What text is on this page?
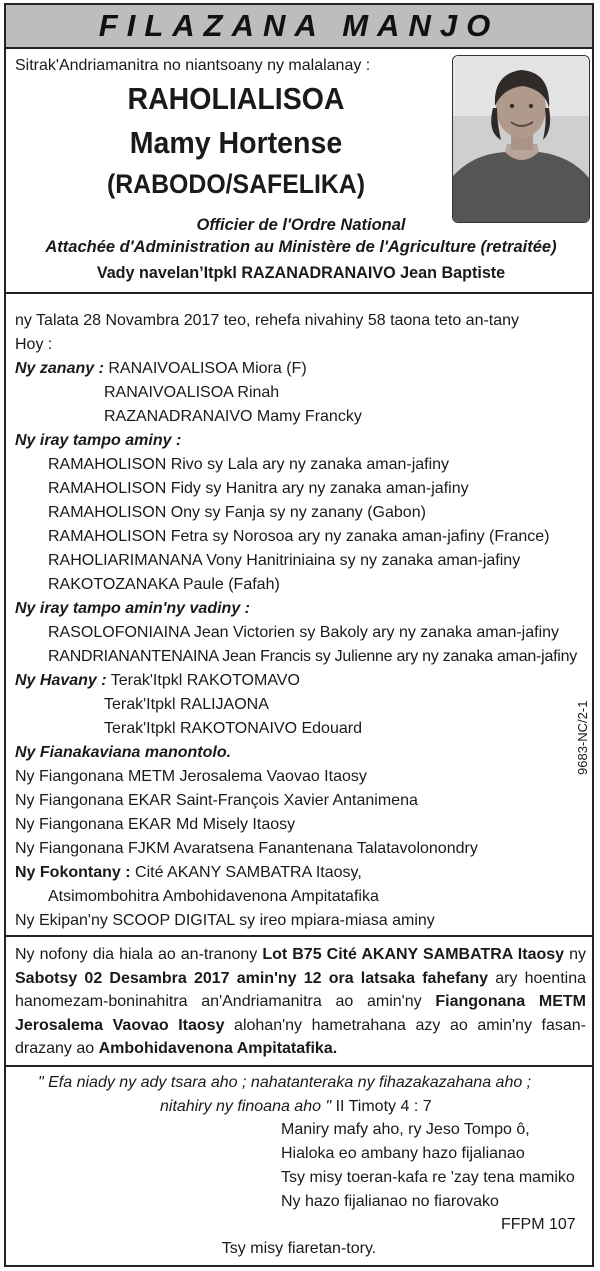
FILAZANA MANJO
Sitrak'Andriamanitra no niantsoany ny malalanay :
RAHOLIALISOA
Mamy Hortense
(RABODO/SAFELIKA)
Officier de l'Ordre National
Attachée d'Administration au Ministère de l'Agriculture (retraitée)
Vady navelan’Itpkl RAZANADRANAIVO Jean Baptiste
ny Talata 28 Novambra 2017 teo, rehefa nivahiny 58 taona teto an-tany
Hoy :
Ny zanany : RANAIVOALISOA Miora (F)
RANAIVOALISOA Rinah
RAZANADRANAIVO Mamy Francky
Ny iray tampo aminy :
RAMAHOLISON Rivo sy Lala ary ny zanaka aman-jafiny
RAMAHOLISON Fidy sy Hanitra ary ny zanaka aman-jafiny
RAMAHOLISON Ony sy Fanja sy ny zanany (Gabon)
RAMAHOLISON Fetra sy Norosoa ary ny zanaka aman-jafiny (France)
RAHOLIARIMANANA Vony Hanitriniaina sy ny zanaka aman-jafiny
RAKOTOZANAKA Paule (Fafah)
Ny iray tampo amin'ny vadiny :
RASOLOFONIAINA Jean Victorien sy Bakoly ary ny zanaka aman-jafiny
RANDRIANANTENAINA Jean Francis sy Julienne ary ny zanaka aman-jafiny
Ny Havany : Terak'Itpkl RAKOTOMAVO
Terak'Itpkl RALIJAONA
Terak'Itpkl RAKOTONAIVO Edouard
Ny Fianakaviana manontolo.
Ny Fiangonana METM Jerosalema Vaovao Itaosy
Ny Fiangonana EKAR Saint-François Xavier Antanimena
Ny Fiangonana EKAR Md Misely Itaosy
Ny Fiangonana FJKM Avaratsena Fanantenana Talatavolonondry
Ny Fokontany : Cité AKANY SAMBATRA Itaosy,
Atsimombohitra Ambohidavenona Ampitatafika
Ny Ekipan'ny SCOOP DIGITAL sy ireo mpiara-miasa aminy
9683-NC/2-1
Ny nofony dia hiala ao an-tranony Lot B75 Cité AKANY SAMBATRA Itaosy ny Sabotsy 02 Desambra 2017 amin'ny 12 ora latsaka fahefany ary hoentina hanomezam-boninahitra an'Andriamanitra ao amin'ny Fiangonana METM Jerosalema Vaovao Itaosy alohan'ny hametrahana azy ao amin'ny fasan-drazany ao Ambohidavenona Ampitatafika.
" Efa niady ny ady tsara aho ; nahatanteraka ny fihazakazahana aho ;
nitahiry ny finoana aho " II Timoty 4 : 7
Maniry mafy aho, ry Jeso Tompo ô,
Hialoka eo ambany hazo fijalianao
Tsy misy toeran-kafa re 'zay tena mamiko
Ny hazo fijalianao no fiarovako
FFPM 107
Tsy misy fiaretan-tory.
